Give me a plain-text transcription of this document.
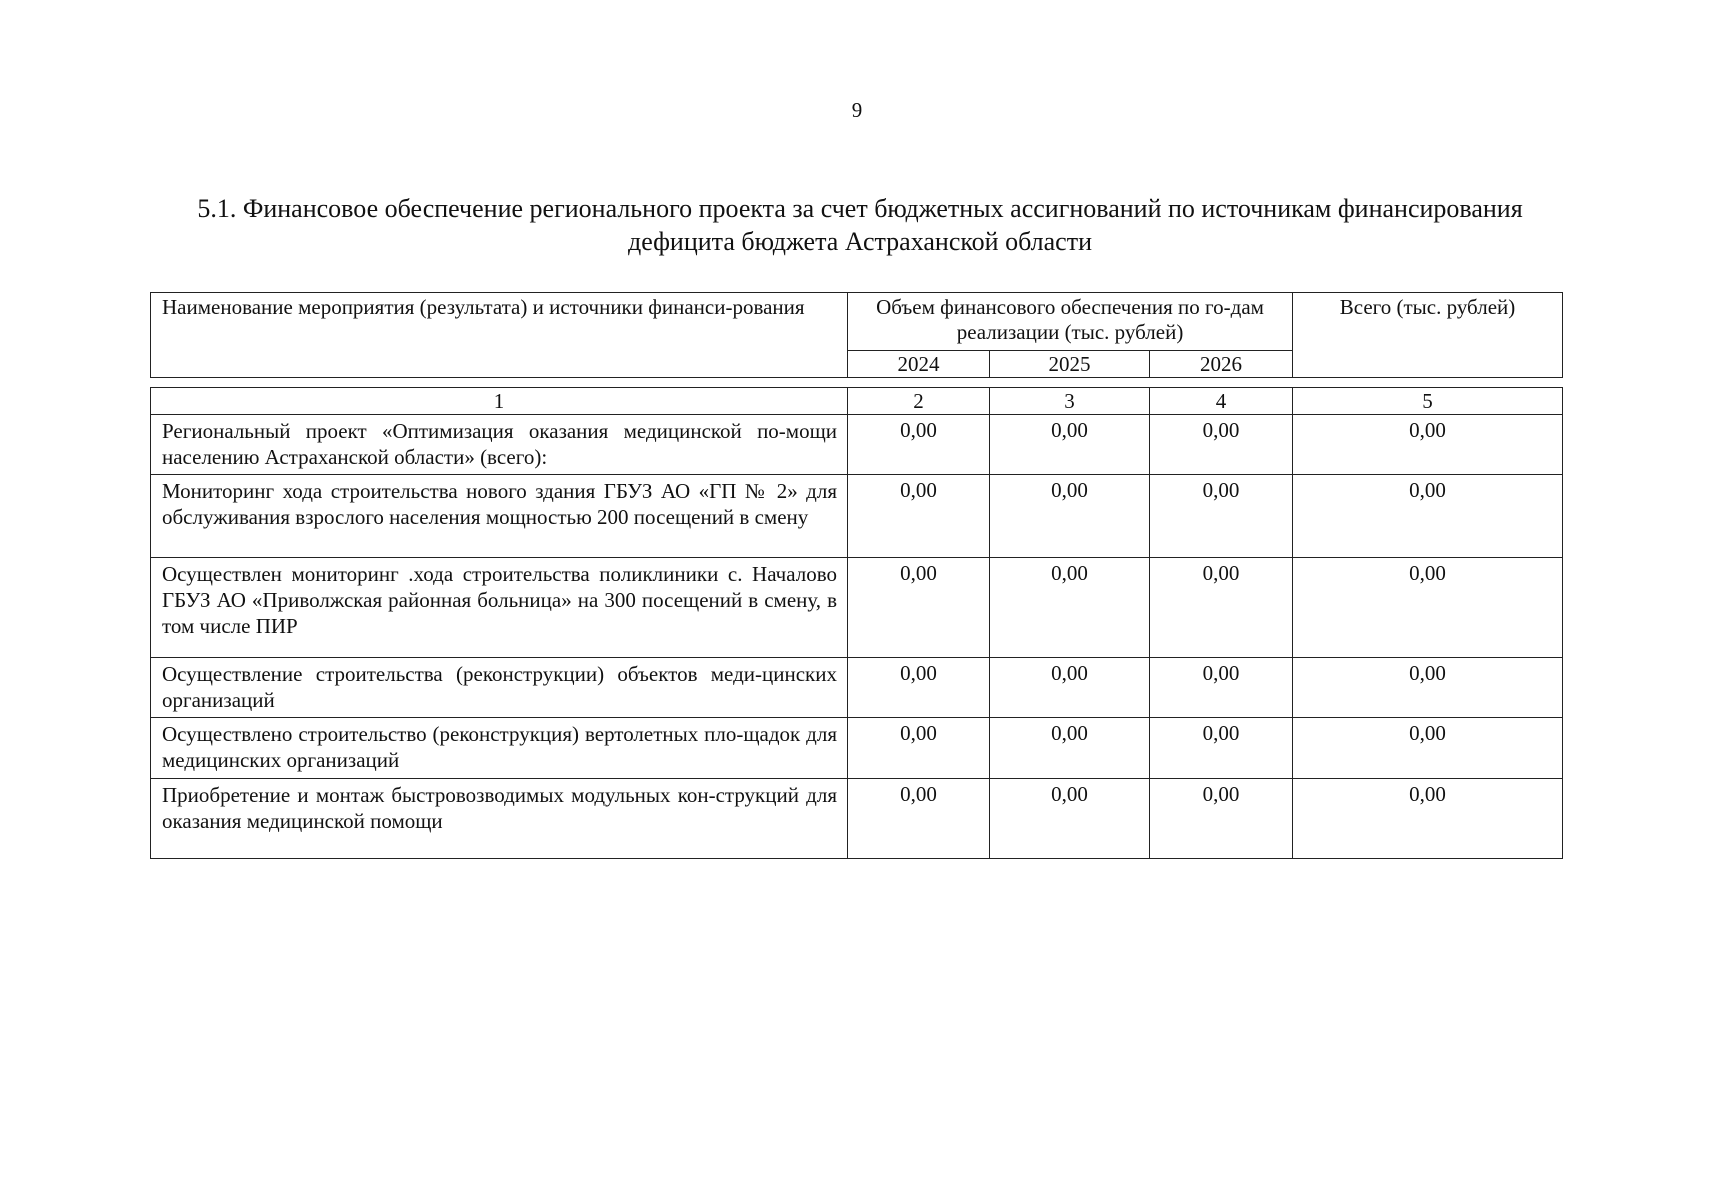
9
5.1. Финансовое обеспечение регионального проекта за счет бюджетных ассигнований по источникам финансирования
дефицита бюджета Астраханской области
Наименование мероприятия (результата) и источники финанси-рования	Объем финансового обеспечения по го-дам реализации (тыс. рублей)			Всего (тыс. рублей)
	2024	2025	2026	
1	2	3	4	5
Региональный проект «Оптимизация оказания медицинской по-мощи населению Астраханской области» (всего):	0,00	0,00	0,00	0,00
Мониторинг хода строительства нового здания ГБУЗ АО «ГП № 2» для обслуживания взрослого населения мощностью 200 посещений в смену	0,00	0,00	0,00	0,00
Осуществлен мониторинг .хода строительства поликлиники с. Началово ГБУЗ АО «Приволжская районная больница» на 300 посещений в смену, в том числе ПИР	0,00	0,00	0,00	0,00
Осуществление строительства (реконструкции) объектов меди-цинских организаций	0,00	0,00	0,00	0,00
Осуществлено строительство (реконструкция) вертолетных пло-щадок для медицинских организаций	0,00	0,00	0,00	0,00
Приобретение и монтаж быстровозводимых модульных кон-струкций для оказания медицинской помощи	0,00	0,00	0,00	0,00
